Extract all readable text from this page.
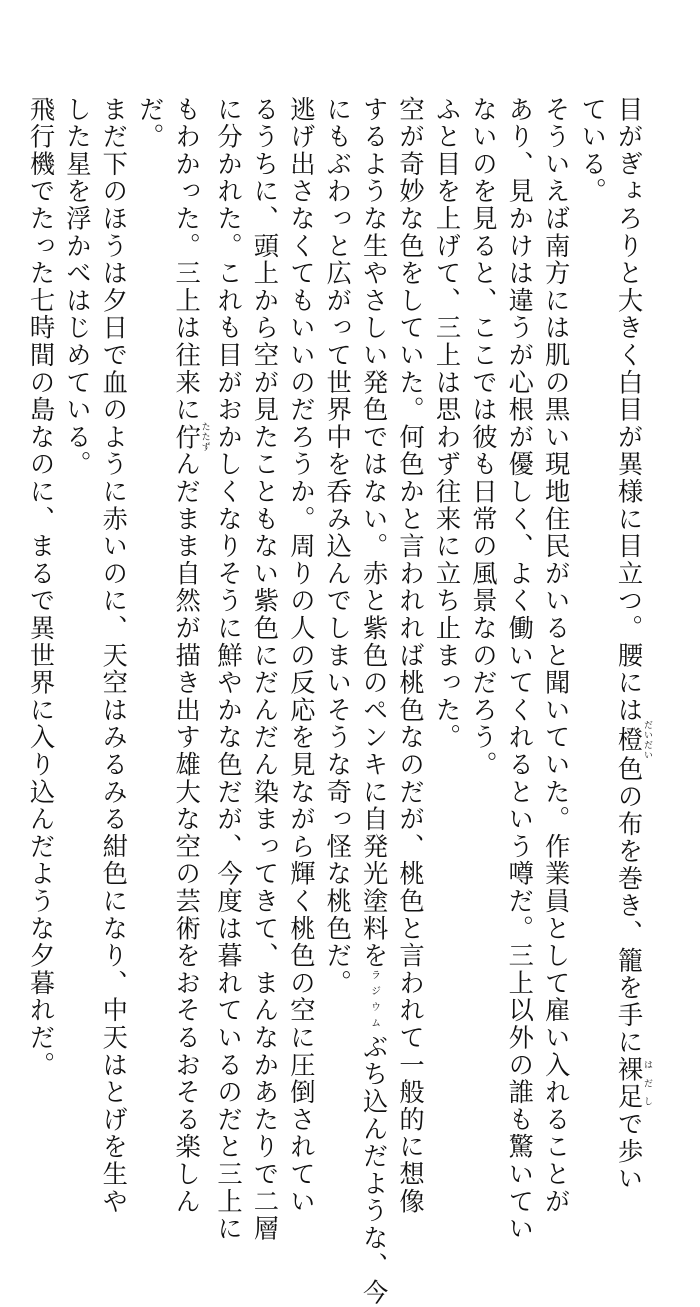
目がぎょろりと大きく白目が異様に目立つ。腰には橙だいだい色の布を巻き、籠を手に裸足はだしで歩い
ている。
そういえば南方には肌の黒い現地住民がいると聞いていた。作業員として雇い入れることが
あり、見かけは違うが心根が優しく、よく働いてくれるという噂だ。三上以外の誰も驚いてい
ないのを見ると、ここでは彼も日常の風景なのだろう。
ふと目を上げて、三上は思わず往来に立ち止まった。
空が奇妙な色をしていた。何色かと言われれば桃色なのだが、桃色と言われて一般的に想像
するような生やさしい発色ではない。赤と紫色のペンキに自発光塗料をラジウムぶち込んだような、今
にもぶわっと広がって世界中を呑み込んでしまいそうな奇っ怪な桃色だ。
逃げ出さなくてもいいのだろうか。周りの人の反応を見ながら輝く桃色の空に圧倒されてい
るうちに、頭上から空が見たこともない紫色にだんだん染まってきて、まんなかあたりで二層
に分かれた。これも目がおかしくなりそうに鮮やかな色だが、今度は暮れているのだと三上に
もわかった。三上は往来に佇たたずんだまま自然が描き出す雄大な空の芸術をおそるおそる楽しん
だ。
まだ下のほうは夕日で血のように赤いのに、天空はみるみる紺色になり、中天はとげを生や
した星を浮かべはじめている。
飛行機でたった七時間の島なのに、まるで異世界に入り込んだような夕暮れだ。
